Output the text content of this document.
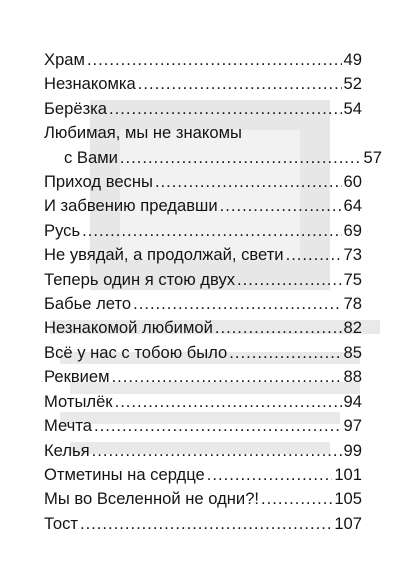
Храм .....	49
Незнакомка .....	52
Берёзка .....	54
Любимая, мы не знакомы
с Вами .....	57
Приход весны .....	60
И забвению предавши .....	64
Русь .....	69
Не увядай, а продолжай, свети .....	73
Теперь один я стою двух .....	75
Бабье лето .....	78
Незнакомой любимой .....	82
Всё у нас с тобою было .....	85
Реквием .....	88
Мотылёк .....	94
Мечта .....	97
Келья .....	99
Отметины на сердце .....	101
Мы во Вселенной не одни?! .....	105
Тост .....	107
